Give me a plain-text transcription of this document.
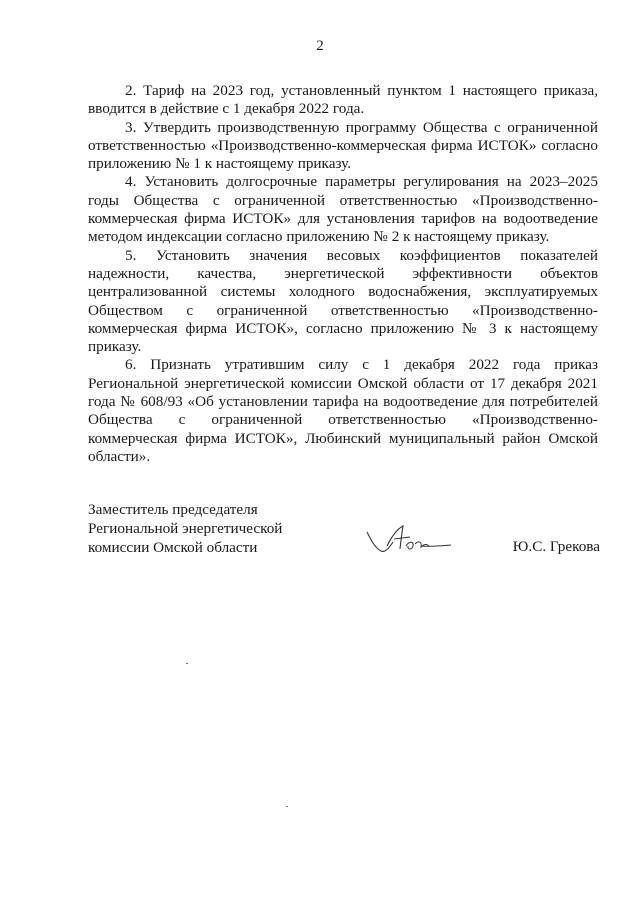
2

2. Тариф на 2023 год, установленный пунктом 1 настоящего приказа, вводится в действие с 1 декабря 2022 года.

3. Утвердить производственную программу Общества с ограниченной ответственностью «Производственно-коммерческая фирма ИСТОК» согласно приложению № 1 к настоящему приказу.

4. Установить долгосрочные параметры регулирования на 2023–2025 годы Общества с ограниченной ответственностью «Производственно-коммерческая фирма ИСТОК» для установления тарифов на водоотведение методом индексации согласно приложению № 2 к настоящему приказу.

5. Установить значения весовых коэффициентов показателей надежности, качества, энергетической эффективности объектов централизованной системы холодного водоснабжения, эксплуатируемых Обществом с ограниченной ответственностью «Производственно-коммерческая фирма ИСТОК», согласно приложению № 3 к настоящему приказу.

6. Признать утратившим силу с 1 декабря 2022 года приказ Региональной энергетической комиссии Омской области от 17 декабря 2021 года № 608/93 «Об установлении тарифа на водоотведение для потребителей Общества с ограниченной ответственностью «Производственно-коммерческая фирма ИСТОК», Любинский муниципальный район Омской области».

Заместитель председателя
Региональной энергетической
комиссии Омской области	Ю.С. Грекова
